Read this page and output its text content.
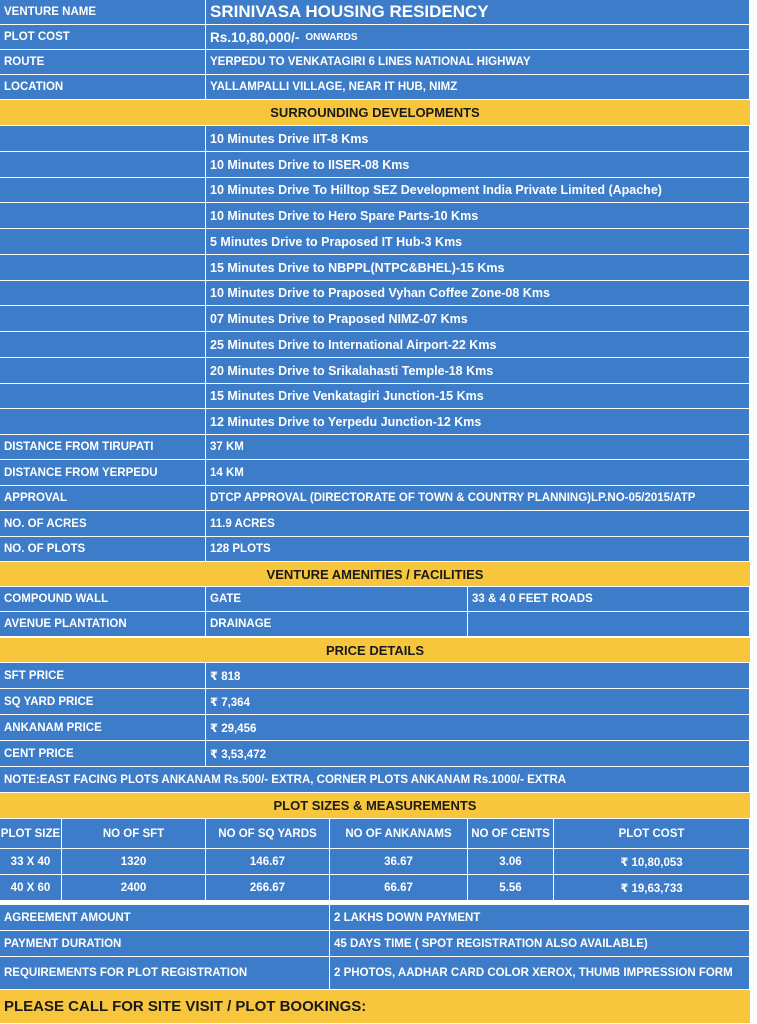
VENTURE NAME	SRINIVASA HOUSING RESIDENCY
PLOT COST	Rs.10,80,000/- ONWARDS
ROUTE	YERPEDU TO VENKATAGIRI 6 LINES NATIONAL HIGHWAY
LOCATION	YALLAMPALLI VILLAGE, NEAR IT HUB, NIMZ
SURROUNDING DEVELOPMENTS
VENTURE AMENITIES / FACILITIES
COMPOUND WALL	GATE	33 & 4 0 FEET ROADS
AVENUE PLANTATION	DRAINAGE
PRICE DETAILS
NOTE:EAST FACING PLOTS ANKANAM Rs.500/- EXTRA, CORNER PLOTS ANKANAM Rs.1000/- EXTRA
PLOT SIZES & MEASUREMENTS
PLEASE CALL FOR SITE VISIT / PLOT BOOKINGS:
10 Minutes Drive IIT-8 Kms
10 Minutes Drive to IISER-08 Kms
10 Minutes Drive To Hilltop SEZ Development India Private Limited (Apache)
10 Minutes Drive to Hero Spare Parts-10 Kms
5 Minutes Drive to Praposed IT Hub-3 Kms
15 Minutes Drive to NBPPL(NTPC&BHEL)-15 Kms
10 Minutes Drive to Praposed Vyhan Coffee Zone-08 Kms
07 Minutes Drive to Praposed NIMZ-07 Kms
25 Minutes Drive to International Airport-22 Kms
20 Minutes Drive to Srikalahasti Temple-18 Kms
15 Minutes Drive Venkatagiri Junction-15 Kms
12 Minutes Drive to Yerpedu Junction-12 Kms
DISTANCE FROM TIRUPATI	37 KM
DISTANCE FROM YERPEDU	14 KM
APPROVAL	DTCP APPROVAL (DIRECTORATE OF TOWN & COUNTRY PLANNING)LP.NO-05/2015/ATP
NO. OF ACRES	11.9 ACRES
NO. OF PLOTS	128 PLOTS
SFT PRICE	₹ 818
SQ YARD PRICE	₹ 7,364
ANKANAM PRICE	₹ 29,456
CENT PRICE	₹ 3,53,472
PLOT SIZE	NO OF SFT	NO OF SQ YARDS	NO OF ANKANAMS	NO OF CENTS	PLOT COST
33 X 40	1320	146.67	36.67	3.06	₹ 10,80,053
40 X 60	2400	266.67	66.67	5.56	₹ 19,63,733
AGREEMENT AMOUNT	2 LAKHS DOWN PAYMENT
PAYMENT DURATION	45 DAYS TIME ( SPOT REGISTRATION ALSO AVAILABLE)
REQUIREMENTS FOR PLOT REGISTRATION	2 PHOTOS, AADHAR CARD COLOR XEROX, THUMB IMPRESSION FORM
